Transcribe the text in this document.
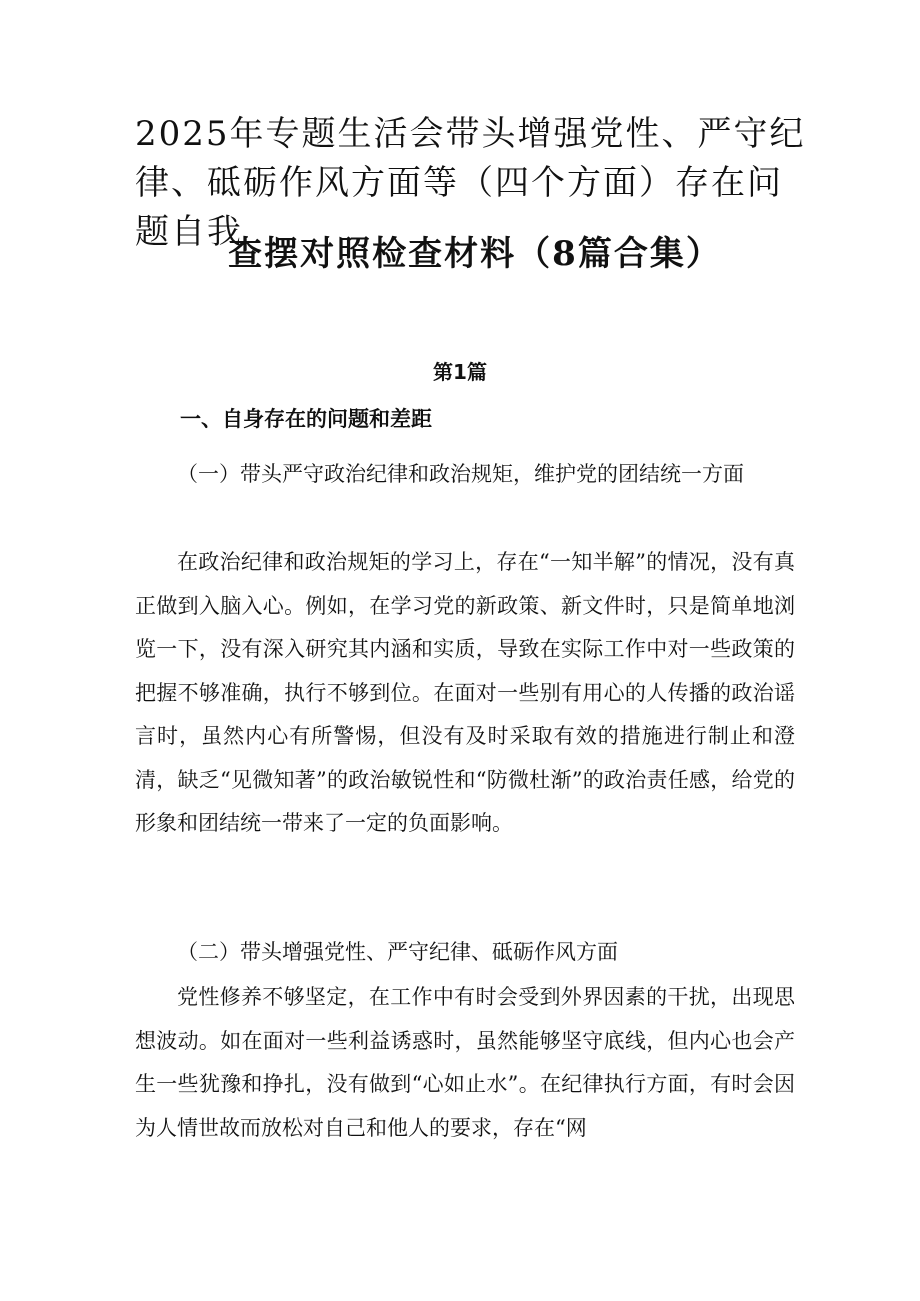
2025年专题生活会带头增强党性、严守纪律、砥砺作风方面等（四个方面）存在问题自我
查摆对照检查材料（8篇合集）
第1篇
一、自身存在的问题和差距

（一）带头严守政治纪律和政治规矩，维护党的团结统一方面

在政治纪律和政治规矩的学习上，存在“一知半解”的情况，没有真正做到入脑入心。例如，在学习党的新政策、新文件时，只是简单地浏览一下，没有深入研究其内涵和实质，导致在实际工作中对一些政策的把握不够准确，执行不够到位。在面对一些别有用心的人传播的政治谣言时，虽然内心有所警惕，但没有及时采取有效的措施进行制止和澄清，缺乏“见微知著”的政治敏锐性和“防微杜渐”的政治责任感，给党的形象和团结统一带来了一定的负面影响。

（二）带头增强党性、严守纪律、砥砺作风方面

党性修养不够坚定，在工作中有时会受到外界因素的干扰，出现思想波动。如在面对一些利益诱惑时，虽然能够坚守底线，但内心也会产生一些犹豫和挣扎，没有做到“心如止水”。在纪律执行方面，有时会因为人情世故而放松对自己和他人的要求，存在“网
